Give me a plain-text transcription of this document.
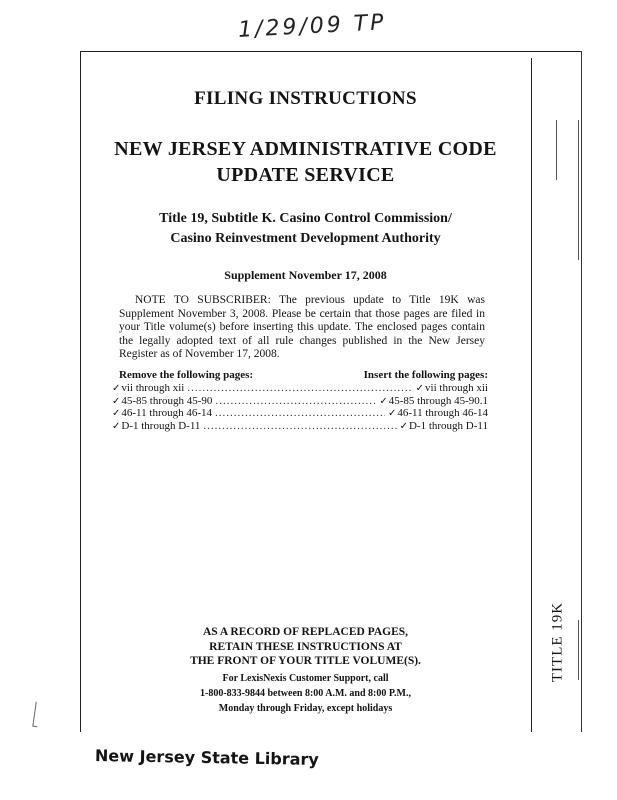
1/29/09 TP
FILING INSTRUCTIONS
NEW JERSEY ADMINISTRATIVE CODE
UPDATE SERVICE
Title 19, Subtitle K. Casino Control Commission/
Casino Reinvestment Development Authority
Supplement November 17, 2008
NOTE TO SUBSCRIBER: The previous update to Title 19K was Supplement November 3, 2008. Please be certain that those pages are filed in your Title volume(s) before inserting this update. The enclosed pages contain the legally adopted text of all rule changes published in the New Jersey Register as of November 17, 2008.
Remove the following pages:	Insert the following pages:
✓ vii through xii .....	✓ vii through xii
✓ 45-85 through 45-90 .....	✓ 45-85 through 45-90.1
✓ 46-11 through 46-14 .....	✓ 46-11 through 46-14
✓ D-1 through D-11 .....	✓ D-1 through D-11
AS A RECORD OF REPLACED PAGES,
RETAIN THESE INSTRUCTIONS AT
THE FRONT OF YOUR TITLE VOLUME(S).
For LexisNexis Customer Support, call
1-800-833-9844 between 8:00 A.M. and 8:00 P.M.,
Monday through Friday, except holidays
TITLE 19K
New Jersey State Library
